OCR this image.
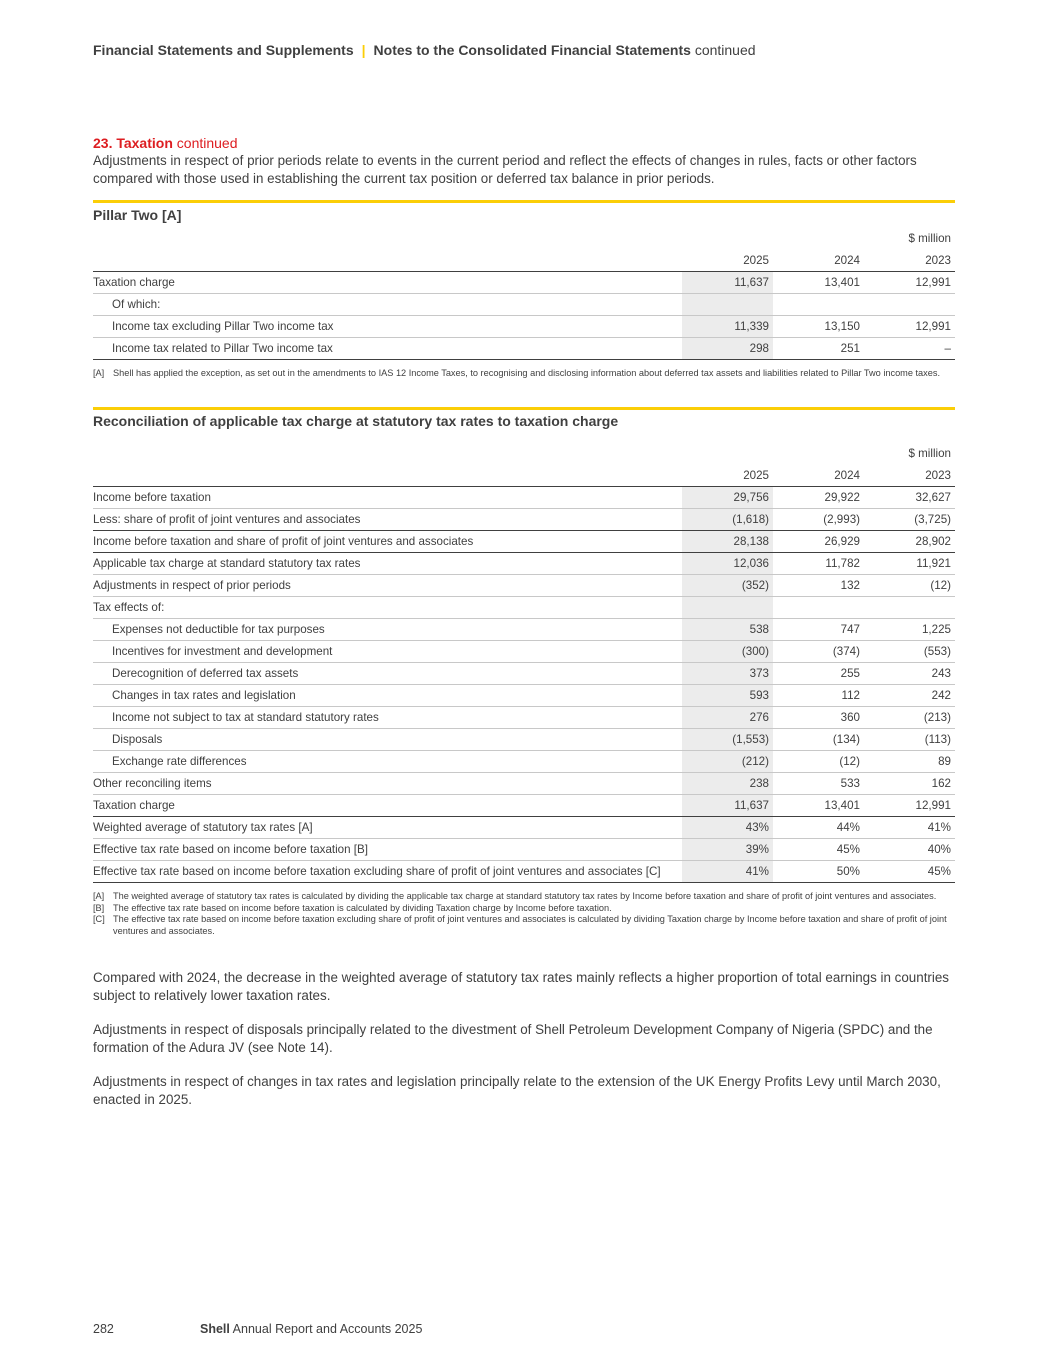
Financial Statements and Supplements | Notes to the Consolidated Financial Statements continued
23. Taxation continued
Adjustments in respect of prior periods relate to events in the current period and reflect the effects of changes in rules, facts or other factors compared with those used in establishing the current tax position or deferred tax balance in prior periods.
Pillar Two [A]
			$ million
	2025	2024	2023
Taxation charge	11,637	13,401	12,991
Of which:			
Income tax excluding Pillar Two income tax	11,339	13,150	12,991
Income tax related to Pillar Two income tax	298	251	–
[A] Shell has applied the exception, as set out in the amendments to IAS 12 Income Taxes, to recognising and disclosing information about deferred tax assets and liabilities related to Pillar Two income taxes.
Reconciliation of applicable tax charge at statutory tax rates to taxation charge
			$ million
	2025	2024	2023
Income before taxation	29,756	29,922	32,627
Less: share of profit of joint ventures and associates	(1,618)	(2,993)	(3,725)
Income before taxation and share of profit of joint ventures and associates	28,138	26,929	28,902
Applicable tax charge at standard statutory tax rates	12,036	11,782	11,921
Adjustments in respect of prior periods	(352)	132	(12)
Tax effects of:			
Expenses not deductible for tax purposes	538	747	1,225
Incentives for investment and development	(300)	(374)	(553)
Derecognition of deferred tax assets	373	255	243
Changes in tax rates and legislation	593	112	242
Income not subject to tax at standard statutory rates	276	360	(213)
Disposals	(1,553)	(134)	(113)
Exchange rate differences	(212)	(12)	89
Other reconciling items	238	533	162
Taxation charge	11,637	13,401	12,991
Weighted average of statutory tax rates [A]	43%	44%	41%
Effective tax rate based on income before taxation [B]	39%	45%	40%
Effective tax rate based on income before taxation excluding share of profit of joint ventures and associates [C]	41%	50%	45%
[A] The weighted average of statutory tax rates is calculated by dividing the applicable tax charge at standard statutory tax rates by Income before taxation and share of profit of joint ventures and associates.
[B] The effective tax rate based on income before taxation is calculated by dividing Taxation charge by Income before taxation.
[C] The effective tax rate based on income before taxation excluding share of profit of joint ventures and associates is calculated by dividing Taxation charge by Income before taxation and share of profit of joint ventures and associates.
Compared with 2024, the decrease in the weighted average of statutory tax rates mainly reflects a higher proportion of total earnings in countries subject to relatively lower taxation rates.
Adjustments in respect of disposals principally related to the divestment of Shell Petroleum Development Company of Nigeria (SPDC) and the formation of the Adura JV (see Note 14).
Adjustments in respect of changes in tax rates and legislation principally relate to the extension of the UK Energy Profits Levy until March 2030, enacted in 2025.
282	Shell Annual Report and Accounts 2025
